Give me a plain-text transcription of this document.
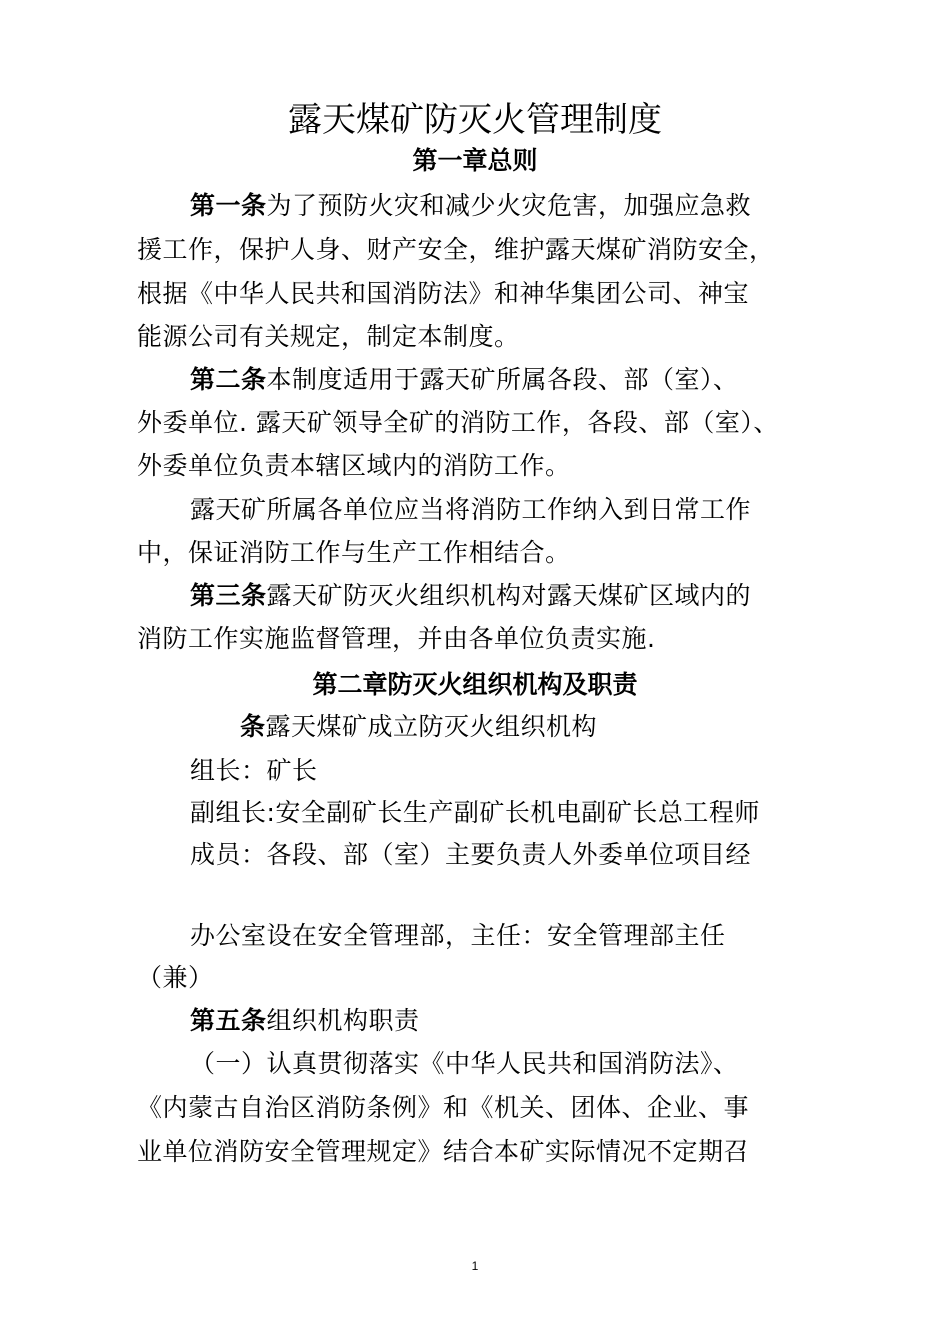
露天煤矿防灭火管理制度
第一章总则
第一条为了预防火灾和减少火灾危害，加强应急救
援工作，保护人身、财产安全，维护露天煤矿消防安全，
根据《中华人民共和国消防法》和神华集团公司、神宝
能源公司有关规定，制定本制度。
第二条本制度适用于露天矿所属各段、部（室）、
外委单位. 露天矿领导全矿的消防工作，各段、部（室）、
外委单位负责本辖区域内的消防工作。
露天矿所属各单位应当将消防工作纳入到日常工作
中，保证消防工作与生产工作相结合。
第三条露天矿防灭火组织机构对露天煤矿区域内的
消防工作实施监督管理，并由各单位负责实施.
第二章防灭火组织机构及职责
条露天煤矿成立防灭火组织机构
组长：矿长
副组长:安全副矿长生产副矿长机电副矿长总工程师
成员：各段、部（室）主要负责人外委单位项目经
办公室设在安全管理部，主任：安全管理部主任
（兼）
第五条组织机构职责
（一）认真贯彻落实《中华人民共和国消防法》、
《内蒙古自治区消防条例》和《机关、团体、企业、事
业单位消防安全管理规定》结合本矿实际情况不定期召
1
